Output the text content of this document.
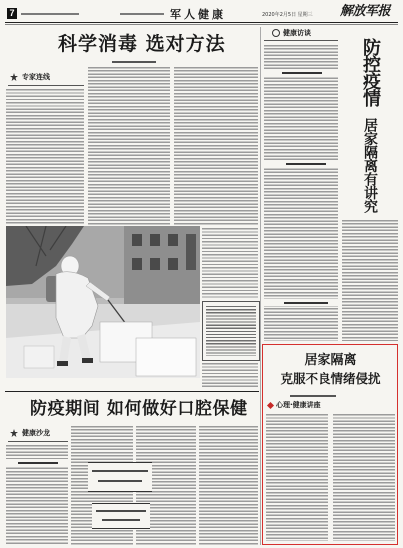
7	军人健康	2020年2月5日 星期三 解放军报
科学消毒 选对方法
专家连线
健康访谈
防控疫情
居家隔离有讲究
防疫期间 如何做好口腔保健
健康沙龙
居家隔离
克服不良情绪侵扰
心理·健康讲座
